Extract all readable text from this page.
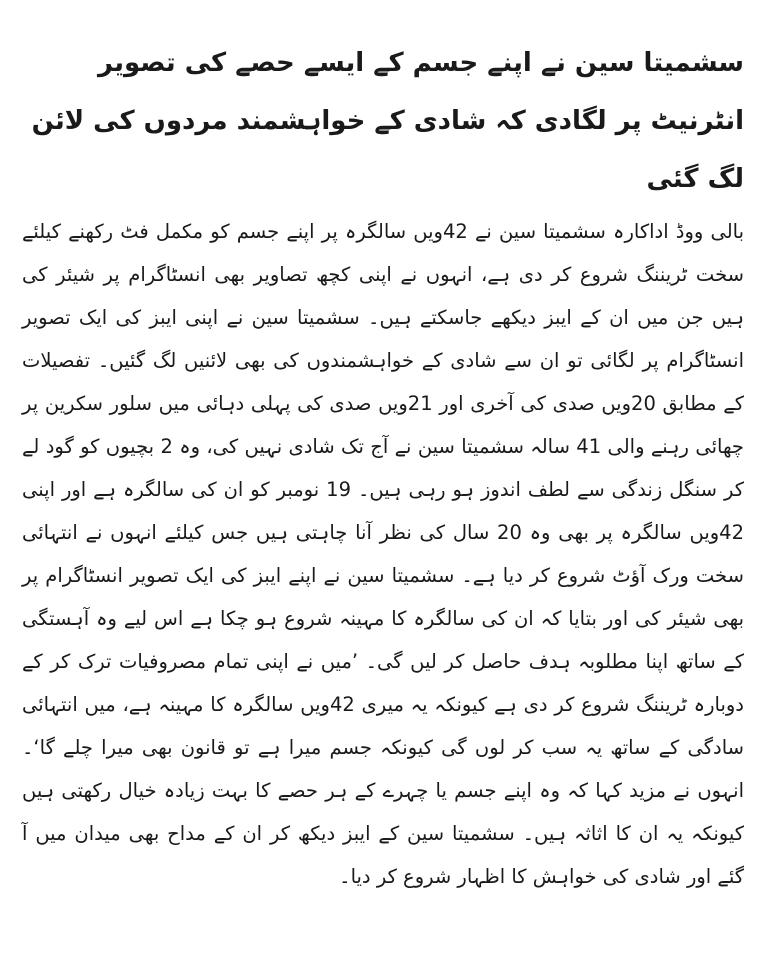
سشمیتا سین نے اپنے جسم کے ایسے حصے کی تصویر انٹرنیٹ پر لگادی کہ شادی کے خواہشمند مردوں کی لائن لگ گئی

بالی ووڈ اداکارہ سشمیتا سین نے 42ویں سالگرہ پر اپنے جسم کو مکمل فٹ رکھنے کیلئے سخت ٹریننگ شروع کر دی ہے، انہوں نے اپنی کچھ تصاویر بھی انسٹاگرام پر شیئر کی ہیں جن میں ان کے ایبز دیکھے جاسکتے ہیں۔ سشمیتا سین نے اپنی ایبز کی ایک تصویر انسٹاگرام پر لگائی تو ان سے شادی کے خواہشمندوں کی بھی لائنیں لگ گئیں۔ تفصیلات کے مطابق 20ویں صدی کی آخری اور 21ویں صدی کی پہلی دہائی میں سلور سکرین پر چھائی رہنے والی 41 سالہ سشمیتا سین نے آج تک شادی نہیں کی، وہ 2 بچیوں کو گود لے کر سنگل زندگی سے لطف اندوز ہو رہی ہیں۔ 19 نومبر کو ان کی سالگرہ ہے اور اپنی 42ویں سالگرہ پر بھی وہ 20 سال کی نظر آنا چاہتی ہیں جس کیلئے انہوں نے انتہائی سخت ورک آؤٹ شروع کر دیا ہے۔ سشمیتا سین نے اپنے ایبز کی ایک تصویر انسٹاگرام پر بھی شیئر کی اور بتایا کہ ان کی سالگرہ کا مہینہ شروع ہو چکا ہے اس لیے وہ آہستگی کے ساتھ اپنا مطلوبہ ہدف حاصل کر لیں گی۔ ’میں نے اپنی تمام مصروفیات ترک کر کے دوبارہ ٹریننگ شروع کر دی ہے کیونکہ یہ میری 42ویں سالگرہ کا مہینہ ہے، میں انتہائی سادگی کے ساتھ یہ سب کر لوں گی کیونکہ جسم میرا ہے تو قانون بھی میرا چلے گا‘۔ انہوں نے مزید کہا کہ وہ اپنے جسم یا چہرے کے ہر حصے کا بہت زیادہ خیال رکھتی ہیں کیونکہ یہ ان کا اثاثہ ہیں۔ سشمیتا سین کے ایبز دیکھ کر ان کے مداح بھی میدان میں آ گئے اور شادی کی خواہش کا اظہار شروع کر دیا۔
